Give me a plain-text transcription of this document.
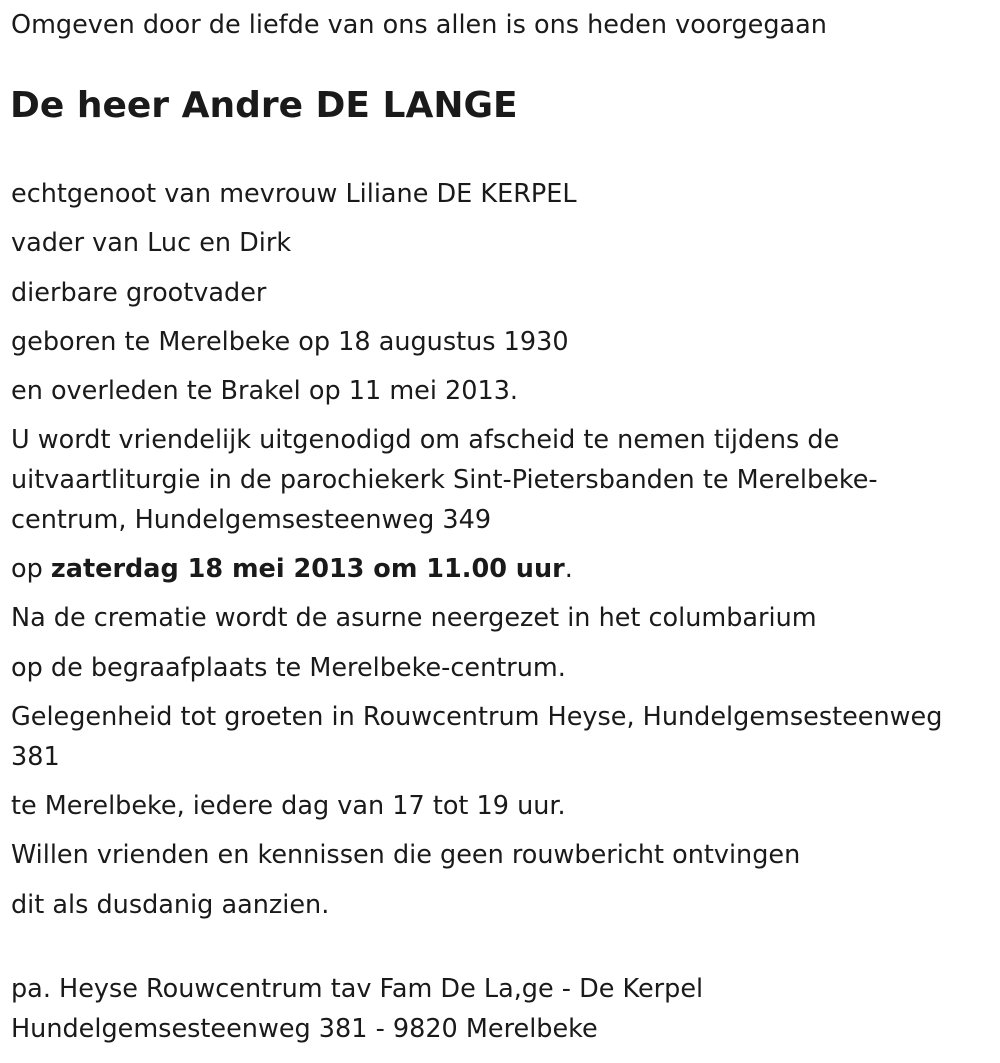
Omgeven door de liefde van ons allen is ons heden voorgegaan
De heer Andre DE LANGE
echtgenoot van mevrouw Liliane DE KERPEL
vader van Luc en Dirk
dierbare grootvader
geboren te Merelbeke op 18 augustus 1930
en overleden te Brakel op 11 mei 2013.
U wordt vriendelijk uitgenodigd om afscheid te nemen tijdens de
uitvaartliturgie in de parochiekerk Sint-Pietersbanden te Merelbeke-
centrum, Hundelgemsesteenweg 349
op zaterdag 18 mei 2013 om 11.00 uur.
Na de crematie wordt de asurne neergezet in het columbarium
op de begraafplaats te Merelbeke-centrum.
Gelegenheid tot groeten in Rouwcentrum Heyse, Hundelgemsesteenweg
381
te Merelbeke, iedere dag van 17 tot 19 uur.
Willen vrienden en kennissen die geen rouwbericht ontvingen
dit als dusdanig aanzien.
pa. Heyse Rouwcentrum tav Fam De La,ge - De Kerpel
Hundelgemsesteenweg 381 - 9820 Merelbeke
